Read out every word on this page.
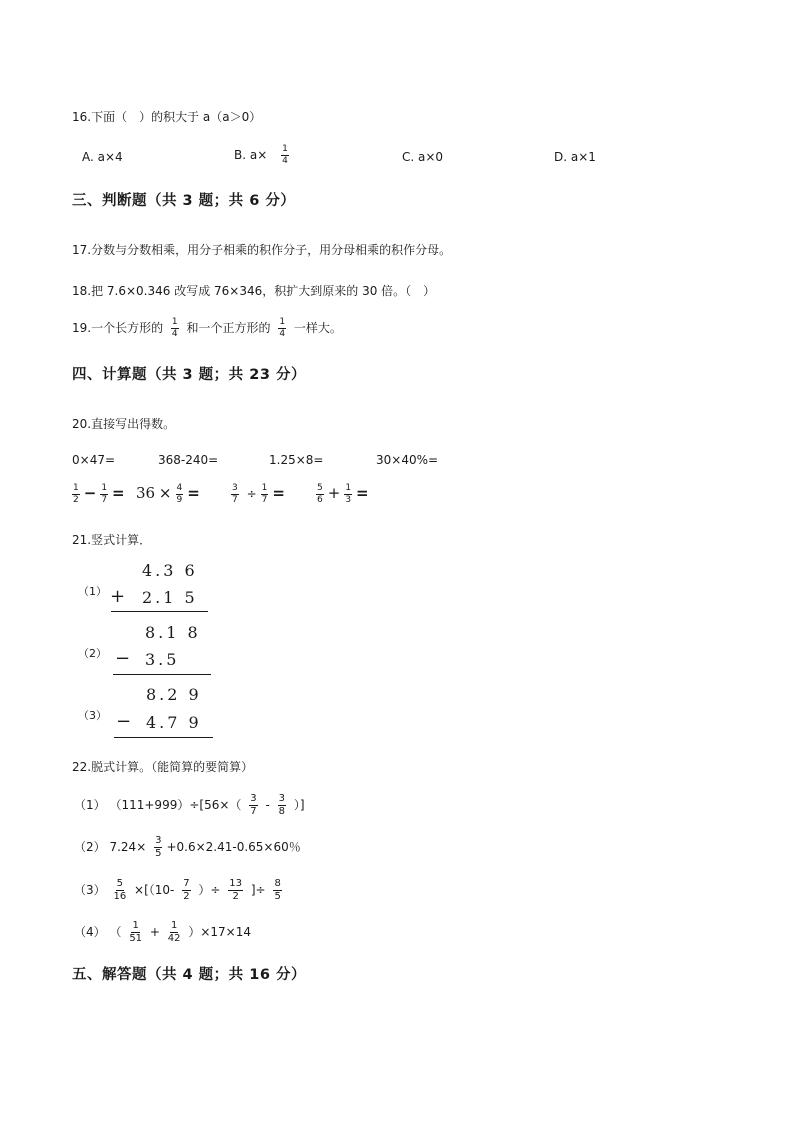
16.下面（　）的积大于 a（a＞0）
A. a×4	B. $a\times \frac{1}{4}$	C. a×0	D. a×1
三、判断题（共 3 题；共 6 分）
17.分数与分数相乘，用分子相乘的积作分子，用分母相乘的积作分母。
18.把 7.6×0.346 改写成 76×346，积扩大到原来的 30 倍。（　）
19.一个长方形的 $\frac{1}{4}$ 和一个正方形的 $\frac{1}{4}$ 一样大。
四、计算题（共 3 题；共 23 分）
20.直接写出得数。
0×47=	368-240=	1.25×8=	30×40%=
$\frac{1}{2} - \frac{1}{7} = 36 \times \frac{4}{9}$ =	$\frac{3}{7} \div \frac{1}{7}$ =	$\frac{5}{6} + \frac{1}{3}$ =
21.竖式计算．
（1）
4.3 6
+ 2.1 5
（2）
8.1 8
− 3.5
（3）
8.2 9
− 4.7 9
22.脱式计算。（能简算的要简算）
（1） $(111+999)\div[56\times( \frac{3}{7} - \frac{3}{8}$ ）]
（2） $7.24\times \frac{3}{5} +0.6\times 2.41-0.65\times 60$％
$(3) \frac{5}{16} \times[(10- \frac{7}{2}$ ）÷ $\frac{13}{2}$ ]÷ $\frac{8}{5}$
（4） （ $\frac{1}{51} + \frac{1}{42} )\times 17\times 14$
五、解答题（共 4 题；共 16 分）
